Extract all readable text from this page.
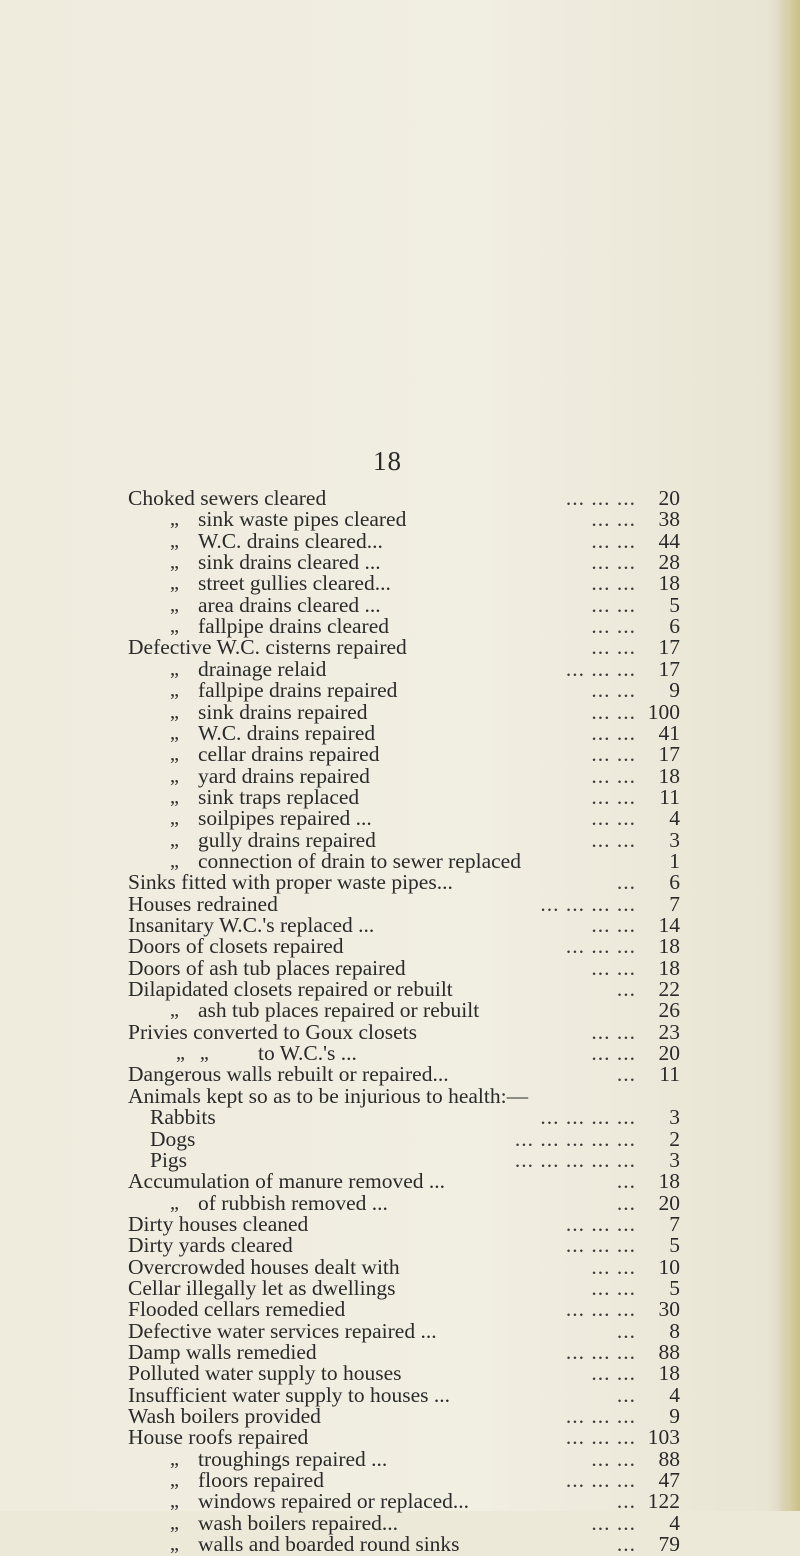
18
Choked sewers cleared	... ... ...	20
„ sink waste pipes cleared	... ...	38
„ W.C. drains cleared...	... ...	44
„ sink drains cleared ...	... ...	28
„ street gullies cleared...	... ...	18
„ area drains cleared ...	... ...	5
„ fallpipe drains cleared	... ...	6
Defective W.C. cisterns repaired	... ...	17
„ drainage relaid	... ... ...	17
„ fallpipe drains repaired	... ...	9
„ sink drains repaired	... ... 100
„ W.C. drains repaired	... ...	41
„ cellar drains repaired	... ...	17
„ yard drains repaired	... ...	18
„ sink traps replaced	... ...	11
„ soilpipes repaired ...	... ...	4
„ gully drains repaired	... ...	3
„ connection of drain to sewer replaced	1
Sinks fitted with proper waste pipes...	...	6
Houses redrained	... ... ... ...	7
Insanitary W.C.'s replaced ...	... ...	14
Doors of closets repaired	... ... ...	18
Doors of ash tub places repaired	... ...	18
Dilapidated closets repaired or rebuilt	...	22
„ ash tub places repaired or rebuilt	26
Privies converted to Goux closets	... ...	23
„   „ to W.C.'s ...	... ...	20
Dangerous walls rebuilt or repaired...	...	11
Animals kept so as to be injurious to health:—
Rabbits	... ... ... ...	3
Dogs	... ... ... ... ...	2
Pigs	... ... ... ... ...	3
Accumulation of manure removed ...	...	18
„ of rubbish removed ...	...	20
Dirty houses cleaned	... ... ...	7
Dirty yards cleared	... ... ...	5
Overcrowded houses dealt with	... ...	10
Cellar illegally let as dwellings	... ...	5
Flooded cellars remedied	... ... ...	30
Defective water services repaired ...	...	8
Damp walls remedied	... ... ...	88
Polluted water supply to houses	... ...	18
Insufficient water supply to houses ...	...	4
Wash boilers provided	... ... ...	9
House roofs repaired	... ... ... 103
„ troughings repaired ...	... ...	88
„ floors repaired	... ... ...	47
„ windows repaired or replaced...	... 122
„ wash boilers repaired...	... ...	4
„ walls and boarded round sinks	...	79
